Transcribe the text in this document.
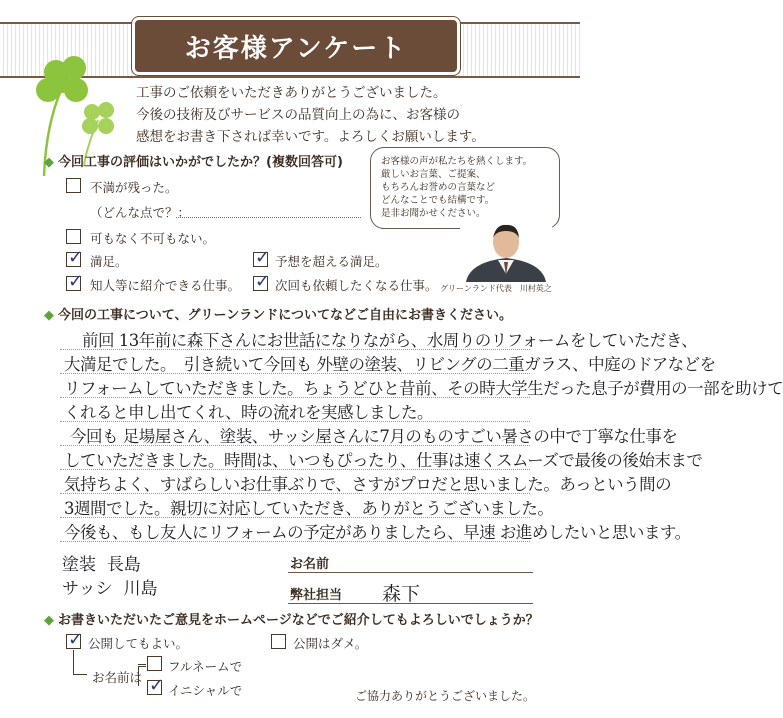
お客様アンケート
工事のご依頼をいただきありがとうございました。
今後の技術及びサービスの品質向上の為に、お客様の
感想をお書き下されば幸いです。よろしくお願いします。
◆ 今回工事の評価はいかがでしたか？(複数回答可)
不満が残った。
（どんな点で？：
可もなく不可もない。
✓ 満足。	✓ 予想を超える満足。
✓ 知人等に紹介できる仕事。 ✓ 次回も依頼したくなる仕事。
お客様の声が私たちを熱くします。
厳しいお言葉、ご提案、
もちろんお誉めの言葉など
どんなことでも結構です。
是非お聞かせください。
グリーンランド代表　川村英之
◆ 今回の工事について、グリーンランドについてなどご自由にお書きください。
前回 13年前に森下さんにお世話になりながら、水周りのリフォームをしていただき、
大満足でした。　引き続いて今回も 外壁の塗装、リビングの二重ガラス、中庭のドアなどを
リフォームしていただきました。ちょうどひと昔前、その時大学生だった息子が費用の一部を助けて
くれると申し出てくれ、時の流れを実感しました。
今回も 足場屋さん、塗装、サッシ屋さんに7月のものすごい暑さの中で丁寧な仕事を
していただきました。時間は、いつもぴったり、仕事は速くスムーズで最後の後始末まで
気持ちよく、すばらしいお仕事ぶりで、さすがプロだと思いました。あっという間の
3週間でした。親切に対応していただき、ありがとうございました。
今後も、もし友人にリフォームの予定がありましたら、早速 お進めしたいと思います。
塗装 長島
サッシ 川島
お名前
弊社担当 森下
◆ お書きいただいたご意見をホームページなどでご紹介してもよろしいでしょうか？
✓ 公開してもよい。	公開はダメ。
お名前は
フルネームで
✓ イニシャルで	ご協力ありがとうございました。
